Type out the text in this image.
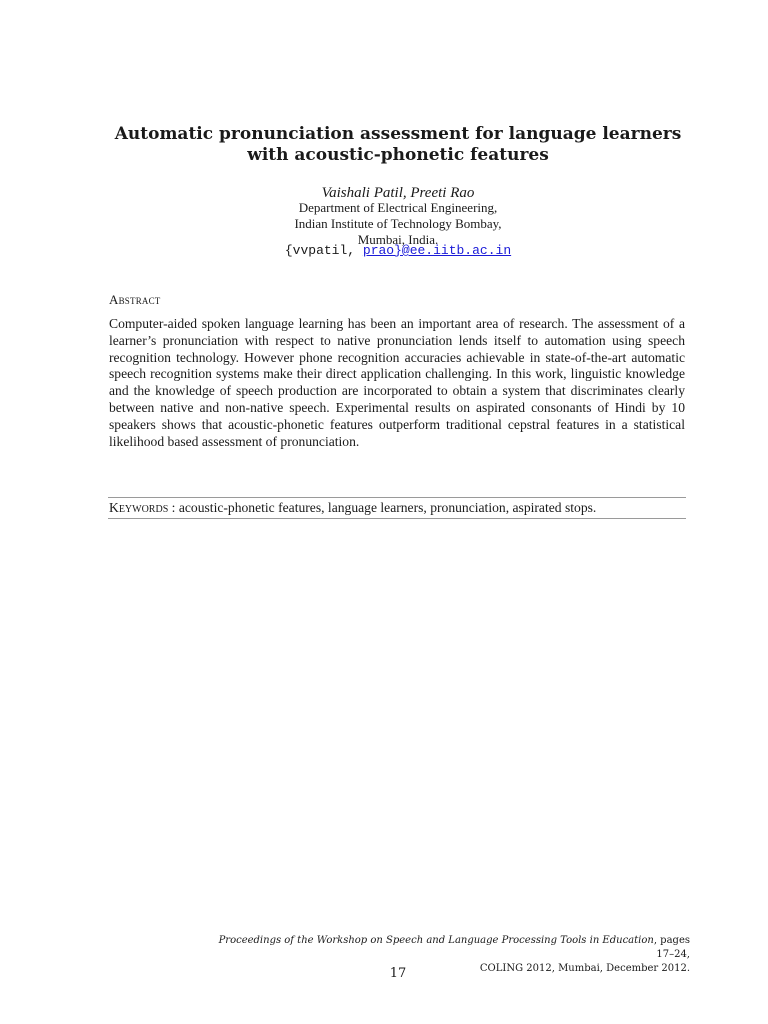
Automatic pronunciation assessment for language learners
with acoustic-phonetic features
Vaishali Patil, Preeti Rao
Department of Electrical Engineering,
Indian Institute of Technology Bombay,
Mumbai, India.
{vvpatil, prao}@ee.iitb.ac.in
Abstract

Computer-aided spoken language learning has been an important area of research. The assessment of a learner’s pronunciation with respect to native pronunciation lends itself to automation using speech recognition technology. However phone recognition accuracies achievable in state-of-the-art automatic speech recognition systems make their direct application challenging. In this work, linguistic knowledge and the knowledge of speech production are incorporated to obtain a system that discriminates clearly between native and non-native speech. Experimental results on aspirated consonants of Hindi by 10 speakers shows that acoustic-phonetic features outperform traditional cepstral features in a statistical likelihood based assessment of pronunciation.

Keywords : acoustic-phonetic features, language learners, pronunciation, aspirated stops.
Proceedings of the Workshop on Speech and Language Processing Tools in Education, pages 17–24,
COLING 2012, Mumbai, December 2012.
17
